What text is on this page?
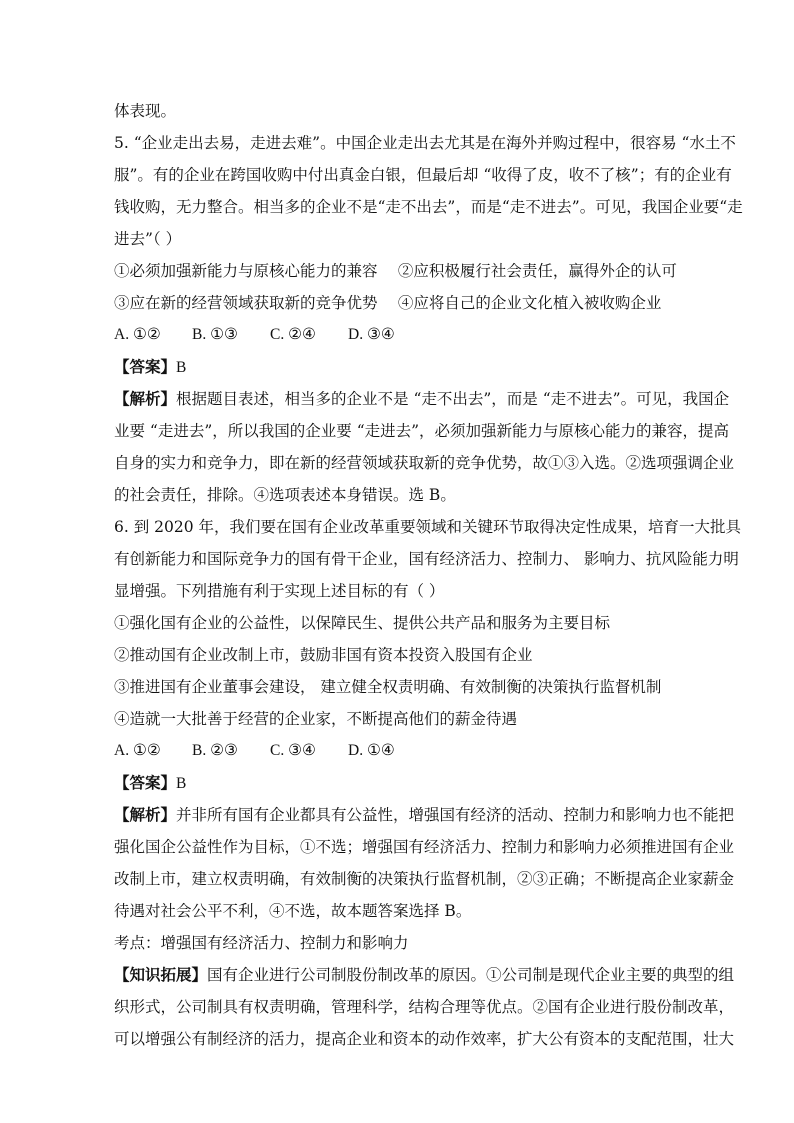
体表现。
5. “企业走出去易，走进去难”。中国企业走出去尤其是在海外并购过程中，很容易 “水土不
服”。有的企业在跨国收购中付出真金白银，但最后却 “收得了皮，收不了核”；有的企业有
钱收购，无力整合。相当多的企业不是“走不出去”，而是“走不进去”。可见，我国企业要“走
进去”（ ）
①必须加强新能力与原核心能力的兼容　 ②应积极履行社会责任，赢得外企的认可
③应在新的经营领域获取新的竞争优势　 ④应将自己的企业文化植入被收购企业
A. ①② B. ①③ C. ②④ D. ③④
【答案】B
【解析】根据题目表述，相当多的企业不是 “走不出去”，而是 “走不进去”。可见，我国企
业要 “走进去”，所以我国的企业要 “走进去”，必须加强新能力与原核心能力的兼容，提高
自身的实力和竞争力，即在新的经营领域获取新的竞争优势，故①③入选。②选项强调企业
的社会责任，排除。④选项表述本身错误。选 B。
6. 到 2020 年，我们要在国有企业改革重要领域和关键环节取得决定性成果，培育一大批具
有创新能力和国际竞争力的国有骨干企业，国有经济活力、控制力、 影响力、抗风险能力明
显增强。下列措施有利于实现上述目标的有（ ）
①强化国有企业的公益性，以保障民生、提供公共产品和服务为主要目标
②推动国有企业改制上市，鼓励非国有资本投资入股国有企业
③推进国有企业董事会建设， 建立健全权责明确、有效制衡的决策执行监督机制
④造就一大批善于经营的企业家，不断提高他们的薪金待遇
A. ①② B. ②③ C. ③④ D. ①④
【答案】B
【解析】并非所有国有企业都具有公益性，增强国有经济的活动、控制力和影响力也不能把
强化国企公益性作为目标，①不选；增强国有经济活力、控制力和影响力必须推进国有企业
改制上市，建立权责明确，有效制衡的决策执行监督机制，②③正确；不断提高企业家薪金
待遇对社会公平不利，④不选，故本题答案选择 B。
考点：增强国有经济活力、控制力和影响力
【知识拓展】国有企业进行公司制股份制改革的原因。①公司制是现代企业主要的典型的组
织形式，公司制具有权责明确，管理科学，结构合理等优点。②国有企业进行股份制改革，
可以增强公有制经济的活力，提高企业和资本的动作效率，扩大公有资本的支配范围，壮大
